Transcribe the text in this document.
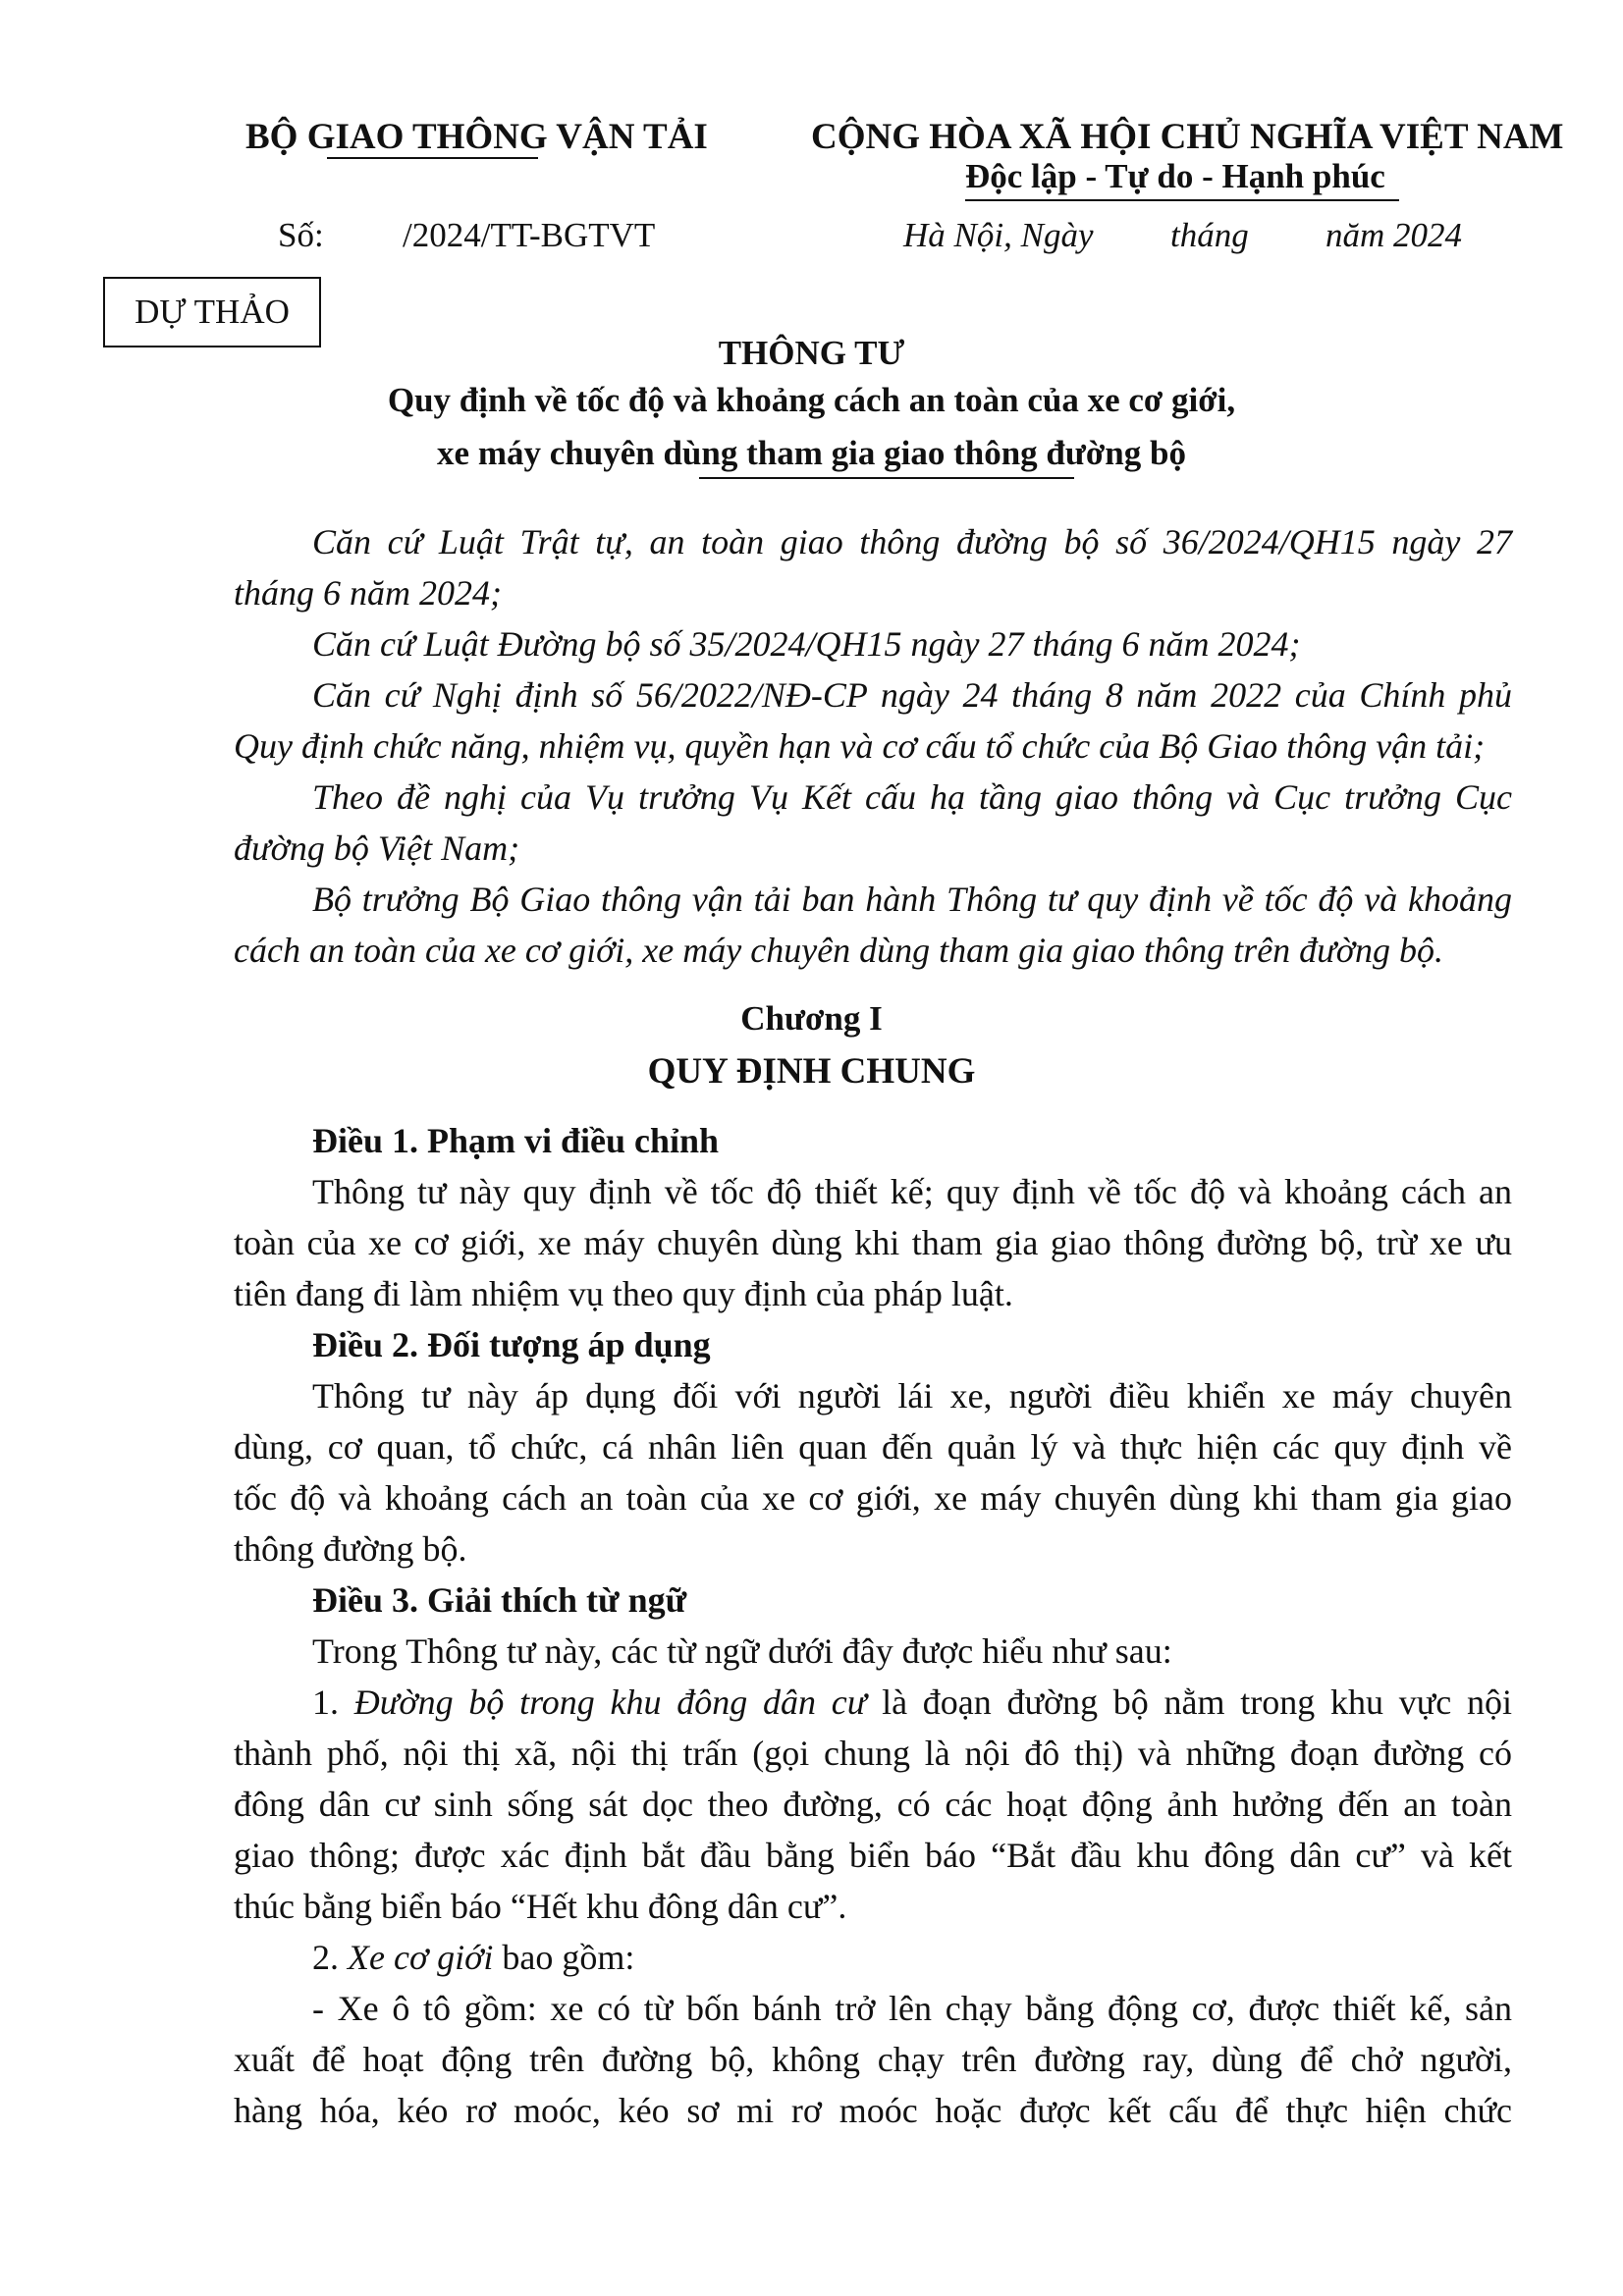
BỘ GIAO THÔNG VẬN TẢI	CỘNG HÒA XÃ HỘI CHỦ NGHĨA VIỆT NAM
Độc lập - Tự do - Hạnh phúc
Số: /2024/TT-BGTVT	Hà Nội, Ngày tháng năm 2024
DỰ THẢO
THÔNG TƯ
Quy định về tốc độ và khoảng cách an toàn của xe cơ giới,
xe máy chuyên dùng tham gia giao thông đường bộ
Căn cứ Luật Trật tự, an toàn giao thông đường bộ số 36/2024/QH15 ngày 27
tháng 6 năm 2024;
Căn cứ Luật Đường bộ số 35/2024/QH15 ngày 27 tháng 6 năm 2024;
Căn cứ Nghị định số 56/2022/NĐ-CP ngày 24 tháng 8 năm 2022 của Chính phủ
Quy định chức năng, nhiệm vụ, quyền hạn và cơ cấu tổ chức của Bộ Giao thông vận tải;
Theo đề nghị của Vụ trưởng Vụ Kết cấu hạ tầng giao thông và Cục trưởng Cục
đường bộ Việt Nam;
Bộ trưởng Bộ Giao thông vận tải ban hành Thông tư quy định về tốc độ và khoảng
cách an toàn của xe cơ giới, xe máy chuyên dùng tham gia giao thông trên đường bộ.
Chương I
QUY ĐỊNH CHUNG
Điều 1. Phạm vi điều chỉnh
Thông tư này quy định về tốc độ thiết kế; quy định về tốc độ và khoảng cách an
toàn của xe cơ giới, xe máy chuyên dùng khi tham gia giao thông đường bộ, trừ xe ưu
tiên đang đi làm nhiệm vụ theo quy định của pháp luật.
Điều 2. Đối tượng áp dụng
Thông tư này áp dụng đối với người lái xe, người điều khiển xe máy chuyên
dùng, cơ quan, tổ chức, cá nhân liên quan đến quản lý và thực hiện các quy định về
tốc độ và khoảng cách an toàn của xe cơ giới, xe máy chuyên dùng khi tham gia giao
thông đường bộ.
Điều 3. Giải thích từ ngữ
Trong Thông tư này, các từ ngữ dưới đây được hiểu như sau:
1. Đường bộ trong khu đông dân cư là đoạn đường bộ nằm trong khu vực nội
thành phố, nội thị xã, nội thị trấn (gọi chung là nội đô thị) và những đoạn đường có
đông dân cư sinh sống sát dọc theo đường, có các hoạt động ảnh hưởng đến an toàn
giao thông; được xác định bắt đầu bằng biển báo “Bắt đầu khu đông dân cư” và kết
thúc bằng biển báo “Hết khu đông dân cư”.
2. Xe cơ giới bao gồm:
- Xe ô tô gồm: xe có từ bốn bánh trở lên chạy bằng động cơ, được thiết kế, sản
xuất để hoạt động trên đường bộ, không chạy trên đường ray, dùng để chở người,
hàng hóa, kéo rơ moóc, kéo sơ mi rơ moóc hoặc được kết cấu để thực hiện chức
